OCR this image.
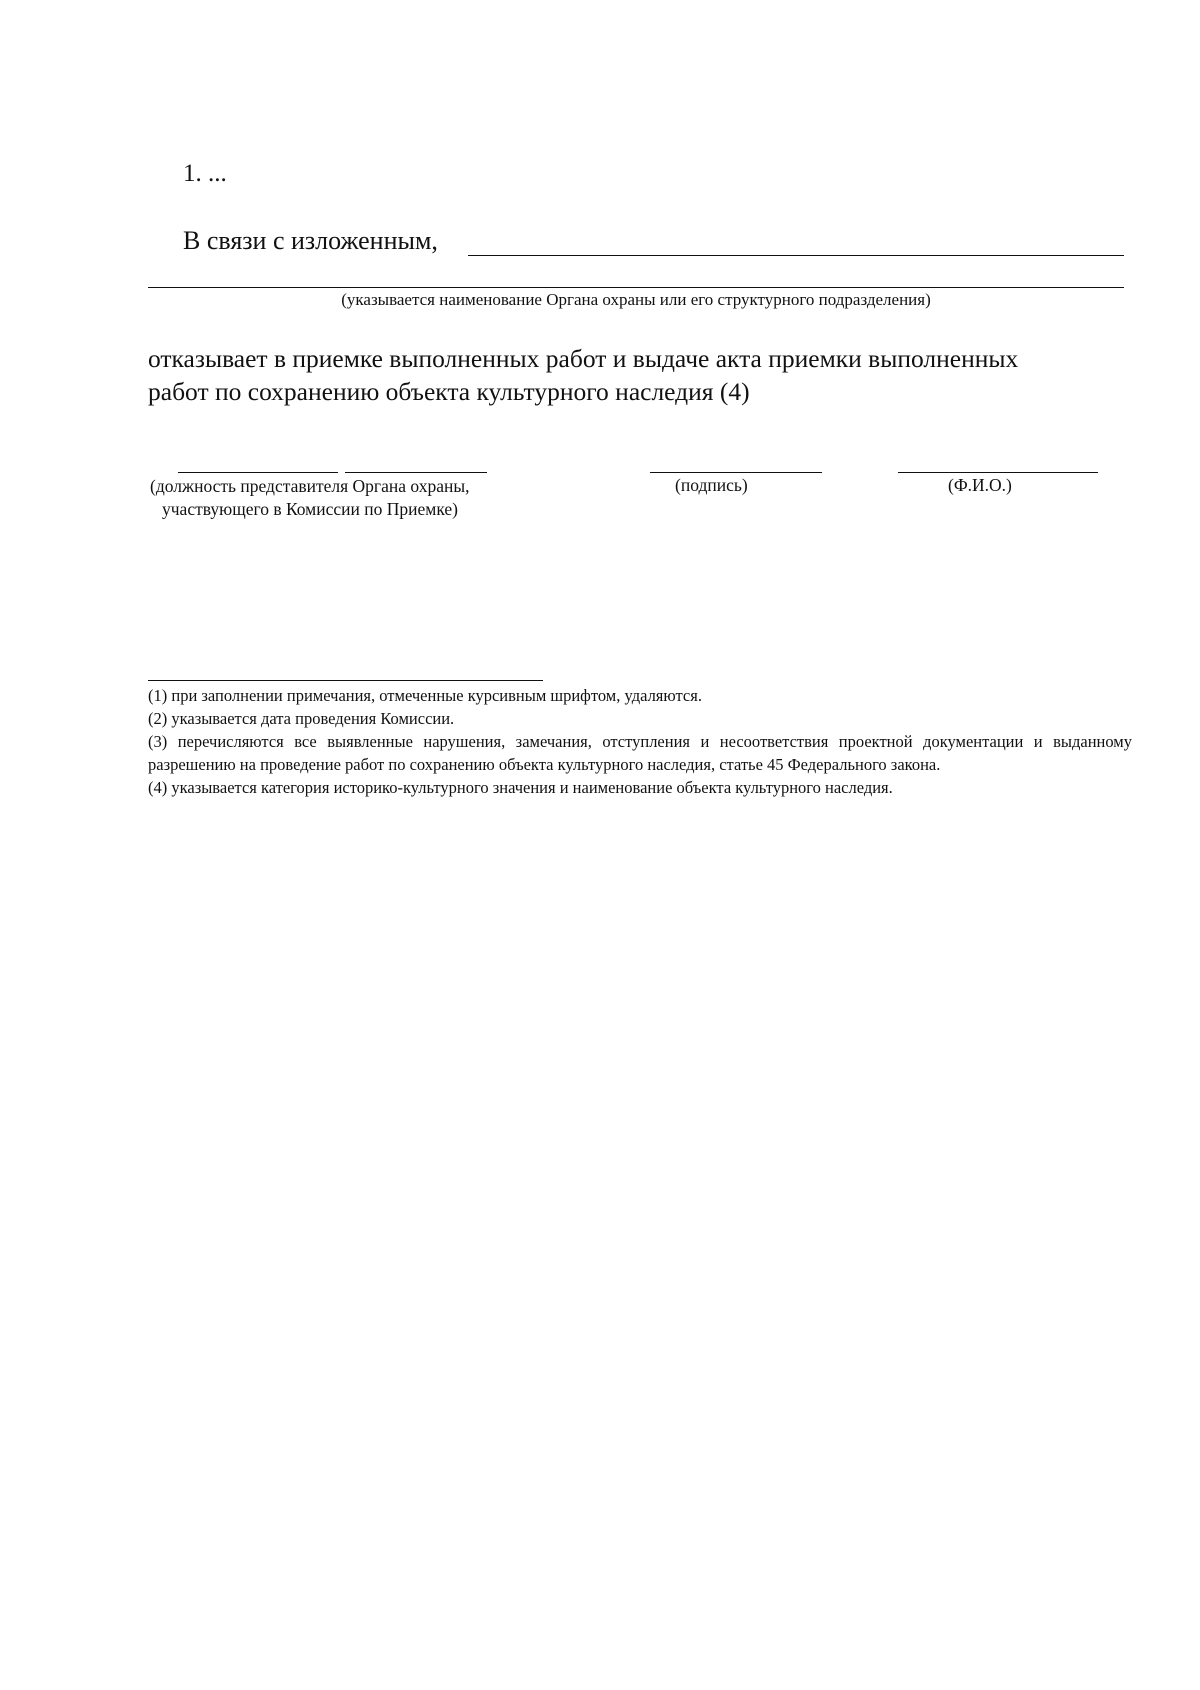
1. ...
В связи с изложенным,
(указывается наименование Органа охраны или его структурного подразделения)
отказывает в приемке выполненных работ и выдаче акта приемки выполненных
работ по сохранению объекта культурного наследия (4)
(должность представителя Органа охраны,
участвующего в Комиссии по Приемке)
(подпись)	(Ф.И.О.)

(1) при заполнении примечания, отмеченные курсивным шрифтом, удаляются.

(2) указывается дата проведения Комиссии.

(3) перечисляются все выявленные нарушения, замечания, отступления и несоответствия проектной документации и выданному разрешению на проведение работ по сохранению объекта культурного наследия, статье 45 Федерального закона.

(4) указывается категория историко-культурного значения и наименование объекта культурного наследия.
